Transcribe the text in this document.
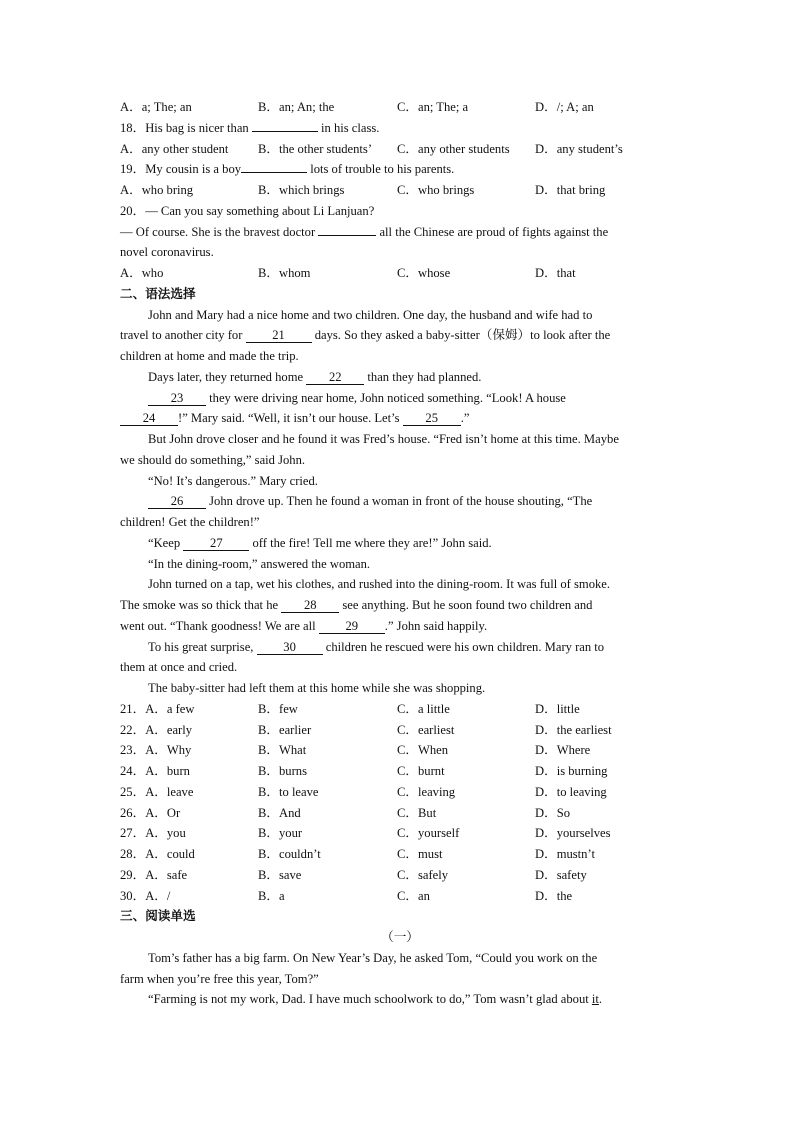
A．a; The; an	B．an; An; the	C．an; The; a	D．/; A; an
18．His bag is nicer than	in his class.
A．any other student B．the other students’ C．any other students D．any student’s
19．My cousin is a boy	lots of trouble to his parents.
A．who bring	B．which brings	C．who brings	D．that bring
20．— Can you say something about Li Lanjuan?
— Of course. She is the bravest doctor	all the Chinese are proud of fights against the
novel coronavirus.
A．who	B．whom	C．whose	D．that
二、语法选择
John and Mary had a nice home and two children. One day, the husband and wife had to
travel to another city for 21 days. So they asked a baby-sitter（保姆）to look after the
children at home and made the trip.
Days later, they returned home 22 than they had planned.
23 they were driving near home, John noticed something. “Look! A house
24 !” Mary said. “Well, it isn’t our house. Let’s 25 .”
But John drove closer and he found it was Fred’s house. “Fred isn’t home at this time. Maybe
we should do something,” said John.
“No! It’s dangerous.” Mary cried.
26 John drove up. Then he found a woman in front of the house shouting, “The
children! Get the children!”
“Keep 27 off the fire! Tell me where they are!” John said.
“In the dining-room,” answered the woman.
John turned on a tap, wet his clothes, and rushed into the dining-room. It was full of smoke.
The smoke was so thick that he 28 see anything. But he soon found two children and
went out. “Thank goodness! We are all 29 .” John said happily.
To his great surprise, 30 children he rescued were his own children. Mary ran to
them at once and cried.
The baby-sitter had left them at this home while she was shopping.
21．A．a few	B．few	C．a little	D．little
22．A．early	B．earlier	C．earliest	D．the earliest
23．A．Why	B．What	C．When	D．Where
24．A．burn	B．burns	C．burnt	D．is burning
25．A．leave	B．to leave	C．leaving	D．to leaving
26．A．Or	B．And	C．But	D．So
27．A．you	B．your	C．yourself	D．yourselves
28．A．could	B．couldn’t	C．must	D．mustn’t
29．A．safe	B．save	C．safely	D．safety
30．A．/	B．a	C．an	D．the
三、阅读单选
（一）
Tom’s father has a big farm. On New Year’s Day, he asked Tom, “Could you work on the
farm when you’re free this year, Tom?”
“Farming is not my work, Dad. I have much schoolwork to do,” Tom wasn’t glad about it.
